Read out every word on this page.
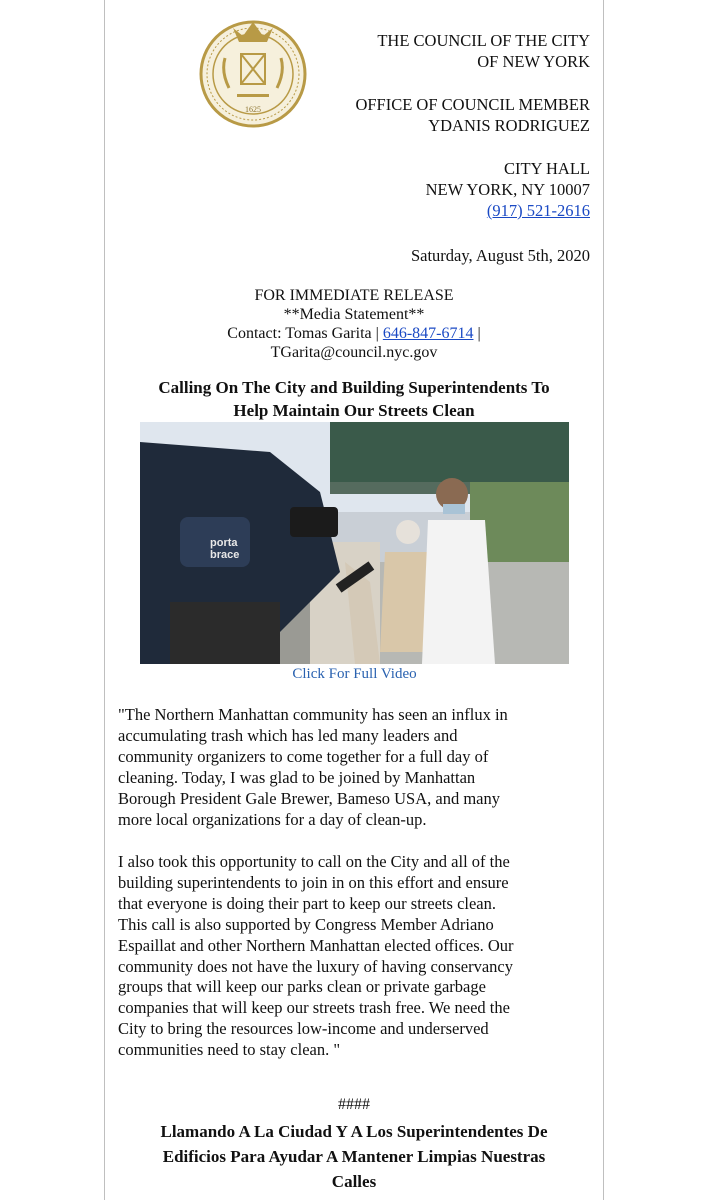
1625
THE COUNCIL OF THE CITY
OF NEW YORK
OFFICE OF COUNCIL MEMBER
YDANIS RODRIGUEZ
CITY HALL
NEW YORK, NY 10007
(917) 521-2616
Saturday, August 5th, 2020
FOR IMMEDIATE RELEASE
**Media Statement**
Contact: Tomas Garita | 646-847-6714 |
TGarita@council.nyc.gov
Calling On The City and Building Superintendents To
Help Maintain Our Streets Clean
porta
brace
Click For Full Video
"The Northern Manhattan community has seen an influx in
accumulating trash which has led many leaders and
community organizers to come together for a full day of
cleaning. Today, I was glad to be joined by Manhattan
Borough President Gale Brewer, Bameso USA, and many
more local organizations for a day of clean-up.
I also took this opportunity to call on the City and all of the
building superintendents to join in on this effort and ensure
that everyone is doing their part to keep our streets clean.
This call is also supported by Congress Member Adriano
Espaillat and other Northern Manhattan elected offices. Our
community does not have the luxury of having conservancy
groups that will keep our parks clean or private garbage
companies that will keep our streets trash free. We need the
City to bring the resources low-income and underserved
communities need to stay clean. "
####
Llamando A La Ciudad Y A Los Superintendentes De
Edificios Para Ayudar A Mantener Limpias Nuestras
Calles
